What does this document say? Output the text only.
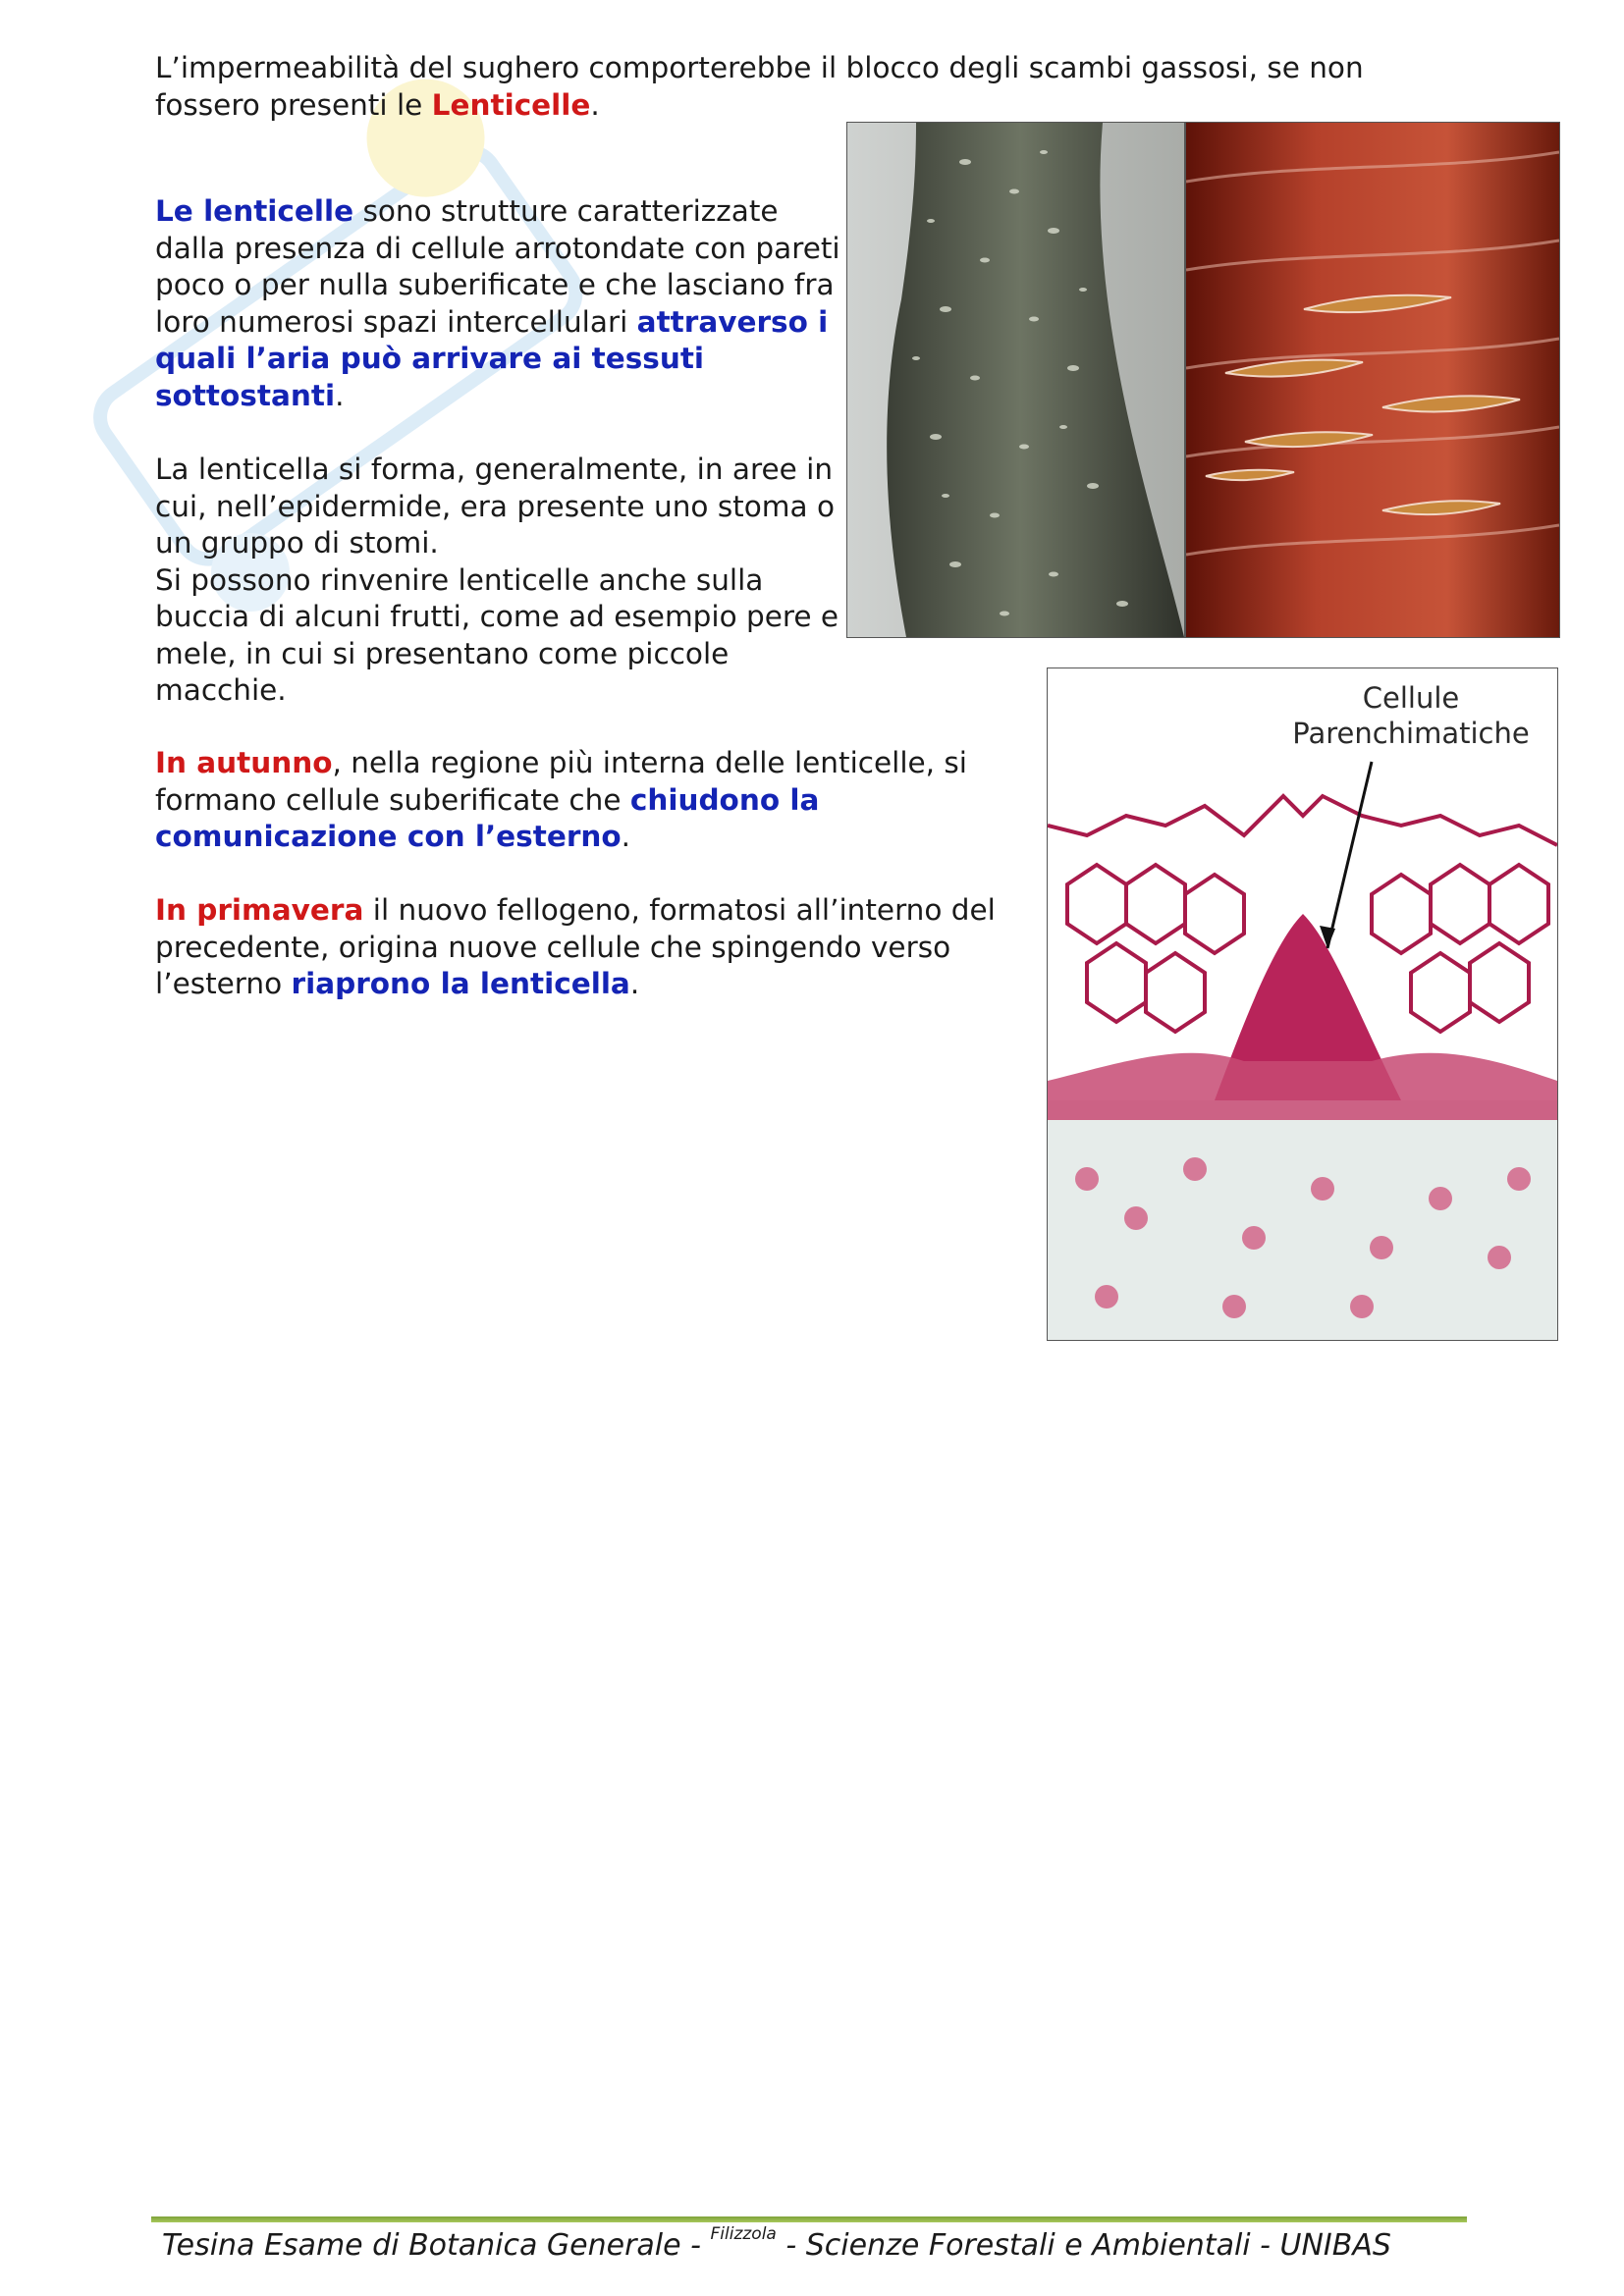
L’impermeabilità del sughero comporterebbe il blocco degli scambi gassosi, se non fossero presenti le Lenticelle.

Le lenticelle sono strutture caratterizzate dalla presenza di cellule arrotondate con pareti poco o per nulla suberificate e che lasciano fra loro numerosi spazi intercellulari attraverso i quali l’aria può arrivare ai tessuti sottostanti.

La lenticella si forma, generalmente, in aree in cui, nell’epidermide, era presente uno stoma o un gruppo di stomi.
Si possono rinvenire lenticelle anche sulla buccia di alcuni frutti, come ad esempio pere e mele, in cui si presentano come piccole macchie.

In autunno, nella regione più interna delle lenticelle, si formano cellule suberificate che chiudono la comunicazione con l’esterno.

In primavera il nuovo fellogeno, formatosi all’interno del precedente, origina nuove cellule che spingendo verso l’esterno riaprono la lenticella.

Cellule
Parenchimatiche
Tesina Esame di Botanica Generale - $^{Filizzola}$ - Scienze Forestali e Ambientali - UNIBAS
